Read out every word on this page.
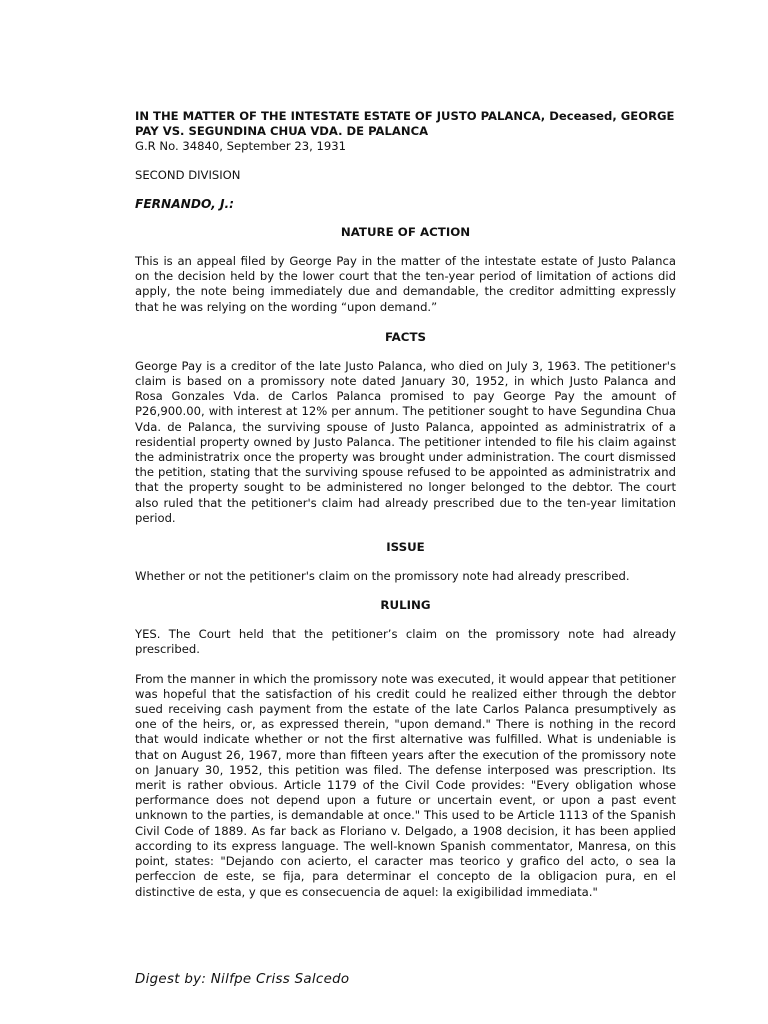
IN THE MATTER OF THE INTESTATE ESTATE OF JUSTO PALANCA, Deceased, GEORGE PAY VS. SEGUNDINA CHUA VDA. DE PALANCA

G.R No. 34840, September 23, 1931

SECOND DIVISION

FERNANDO, J.:

NATURE OF ACTION

This is an appeal filed by George Pay in the matter of the intestate estate of Justo Palanca on the decision held by the lower court that the ten-year period of limitation of actions did apply, the note being immediately due and demandable, the creditor admitting expressly that he was relying on the wording “upon demand.”

FACTS

George Pay is a creditor of the late Justo Palanca, who died on July 3, 1963. The petitioner's claim is based on a promissory note dated January 30, 1952, in which Justo Palanca and Rosa Gonzales Vda. de Carlos Palanca promised to pay George Pay the amount of P26,900.00, with interest at 12% per annum. The petitioner sought to have Segundina Chua Vda. de Palanca, the surviving spouse of Justo Palanca, appointed as administratrix of a residential property owned by Justo Palanca. The petitioner intended to file his claim against the administratrix once the property was brought under administration. The court dismissed the petition, stating that the surviving spouse refused to be appointed as administratrix and that the property sought to be administered no longer belonged to the debtor. The court also ruled that the petitioner's claim had already prescribed due to the ten-year limitation period.

ISSUE

Whether or not the petitioner's claim on the promissory note had already prescribed.

RULING

YES. The Court held that the petitioner’s claim on the promissory note had already prescribed.

From the manner in which the promissory note was executed, it would appear that petitioner was hopeful that the satisfaction of his credit could he realized either through the debtor sued receiving cash payment from the estate of the late Carlos Palanca presumptively as one of the heirs, or, as expressed therein, "upon demand." There is nothing in the record that would indicate whether or not the first alternative was fulfilled. What is undeniable is that on August 26, 1967, more than fifteen years after the execution of the promissory note on January 30, 1952, this petition was filed. The defense interposed was prescription. Its merit is rather obvious. Article 1179 of the Civil Code provides: "Every obligation whose performance does not depend upon a future or uncertain event, or upon a past event unknown to the parties, is demandable at once." This used to be Article 1113 of the Spanish Civil Code of 1889. As far back as Floriano v. Delgado, a 1908 decision, it has been applied according to its express language. The well-known Spanish commentator, Manresa, on this point, states: "Dejando con acierto, el caracter mas teorico y grafico del acto, o sea la perfeccion de este, se fija, para determinar el concepto de la obligacion pura, en el distinctive de esta, y que es consecuencia de aquel: la exigibilidad immediata."

Digest by: Nilfpe Criss Salcedo
